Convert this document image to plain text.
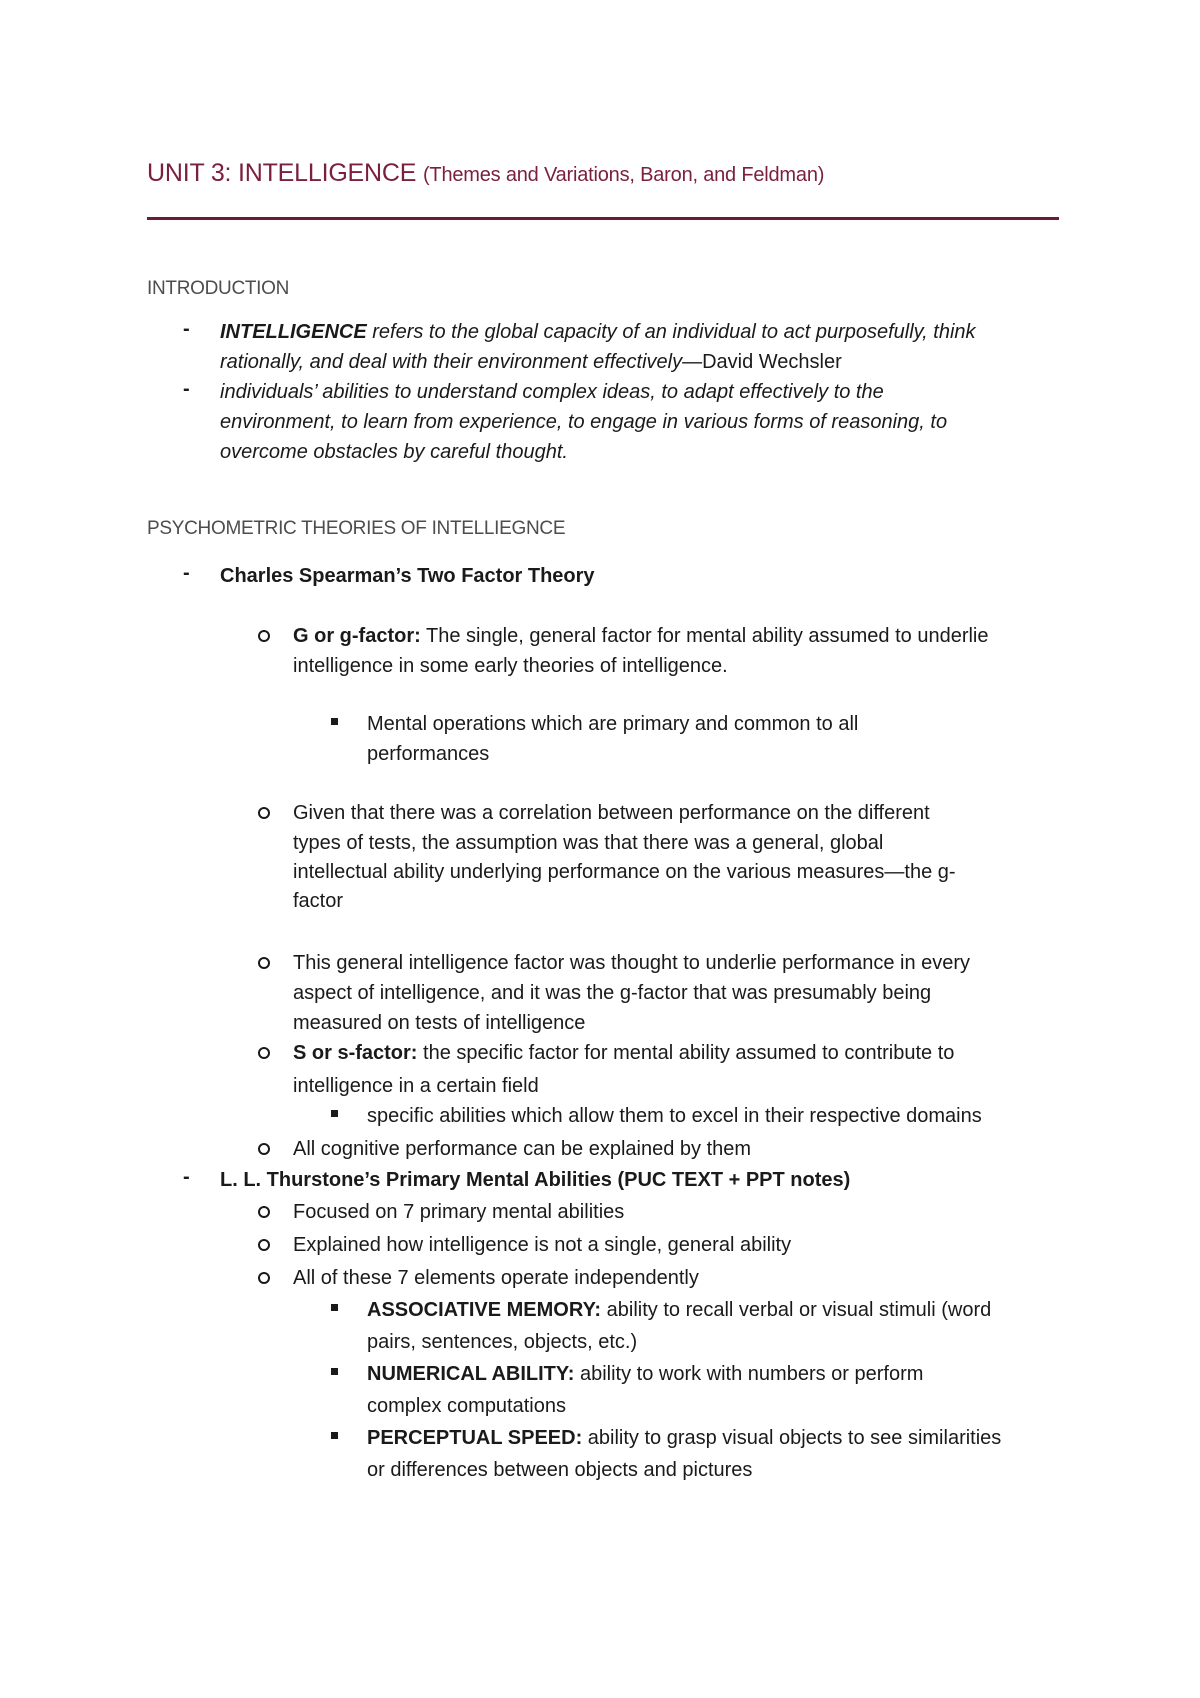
UNIT 3: INTELLIGENCE (Themes and Variations, Baron, and Feldman)
INTRODUCTION
- INTELLIGENCE refers to the global capacity of an individual to act purposefully, think
rationally, and deal with their environment effectively—David Wechsler
- individuals’ abilities to understand complex ideas, to adapt effectively to the
environment, to learn from experience, to engage in various forms of reasoning, to
overcome obstacles by careful thought.
PSYCHOMETRIC THEORIES OF INTELLIEGNCE
- Charles Spearman’s Two Factor Theory
G or g-factor: The single, general factor for mental ability assumed to underlie
intelligence in some early theories of intelligence.
Mental operations which are primary and common to all
performances
Given that there was a correlation between performance on the different
types of tests, the assumption was that there was a general, global
intellectual ability underlying performance on the various measures—the g-
factor
This general intelligence factor was thought to underlie performance in every
aspect of intelligence, and it was the g-factor that was presumably being
measured on tests of intelligence
S or s-factor: the specific factor for mental ability assumed to contribute to
intelligence in a certain field
specific abilities which allow them to excel in their respective domains
All cognitive performance can be explained by them
- L. L. Thurstone’s Primary Mental Abilities (PUC TEXT + PPT notes)
Focused on 7 primary mental abilities
Explained how intelligence is not a single, general ability
All of these 7 elements operate independently
ASSOCIATIVE MEMORY: ability to recall verbal or visual stimuli (word
pairs, sentences, objects, etc.)
NUMERICAL ABILITY: ability to work with numbers or perform
complex computations
PERCEPTUAL SPEED: ability to grasp visual objects to see similarities
or differences between objects and pictures
